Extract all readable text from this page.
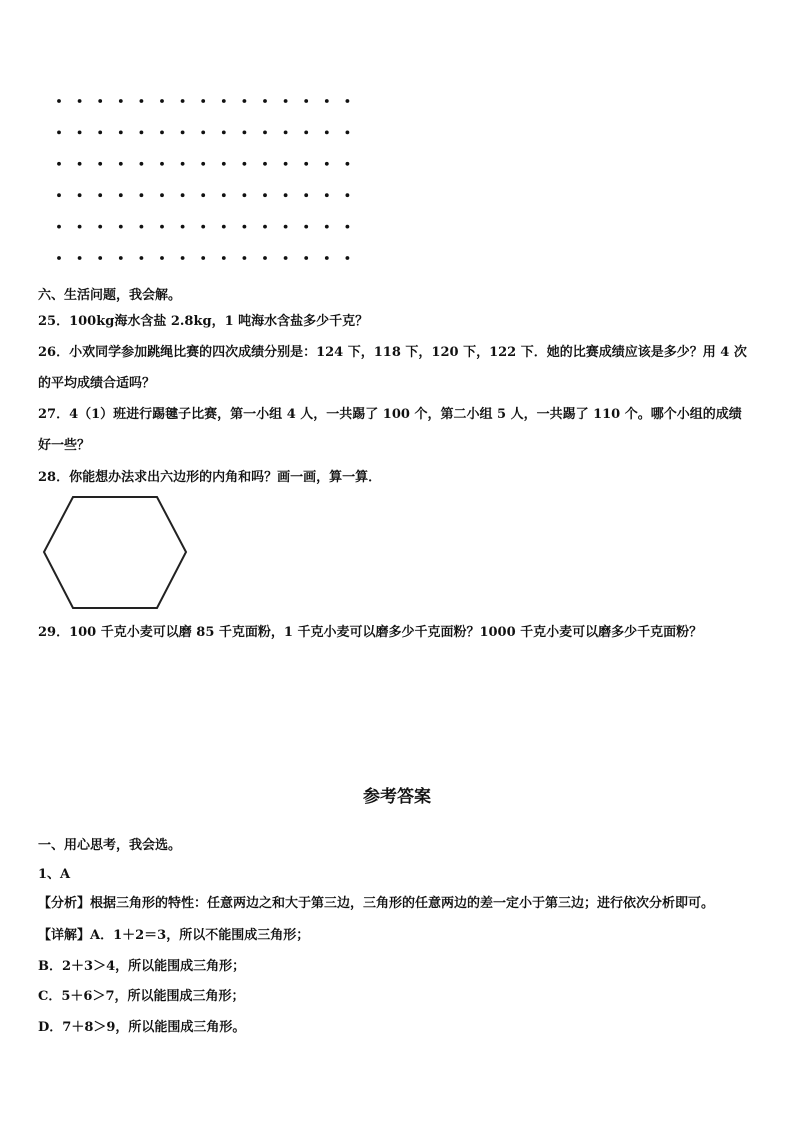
六、生活问题，我会解。
25．100kg海水含盐 2.8kg，1 吨海水含盐多少千克？
26．小欢同学参加跳绳比赛的四次成绩分别是：124 下，118 下，120 下，122 下．她的比赛成绩应该是多少？用 4 次
的平均成绩合适吗？
27．4（1）班进行踢毽子比赛，第一小组 4 人，一共踢了 100 个，第二小组 5 人，一共踢了 110 个。哪个小组的成绩
好一些？
28．你能想办法求出六边形的内角和吗？画一画，算一算．
29．100 千克小麦可以磨 85 千克面粉，1 千克小麦可以磨多少千克面粉？1000 千克小麦可以磨多少千克面粉？
参考答案
一、用心思考，我会选。
1、A
【分析】根据三角形的特性：任意两边之和大于第三边，三角形的任意两边的差一定小于第三边；进行依次分析即可。
【详解】A．1＋2＝3，所以不能围成三角形；
B．2＋3＞4，所以能围成三角形；
C．5＋6＞7，所以能围成三角形；
D．7＋8＞9，所以能围成三角形。
